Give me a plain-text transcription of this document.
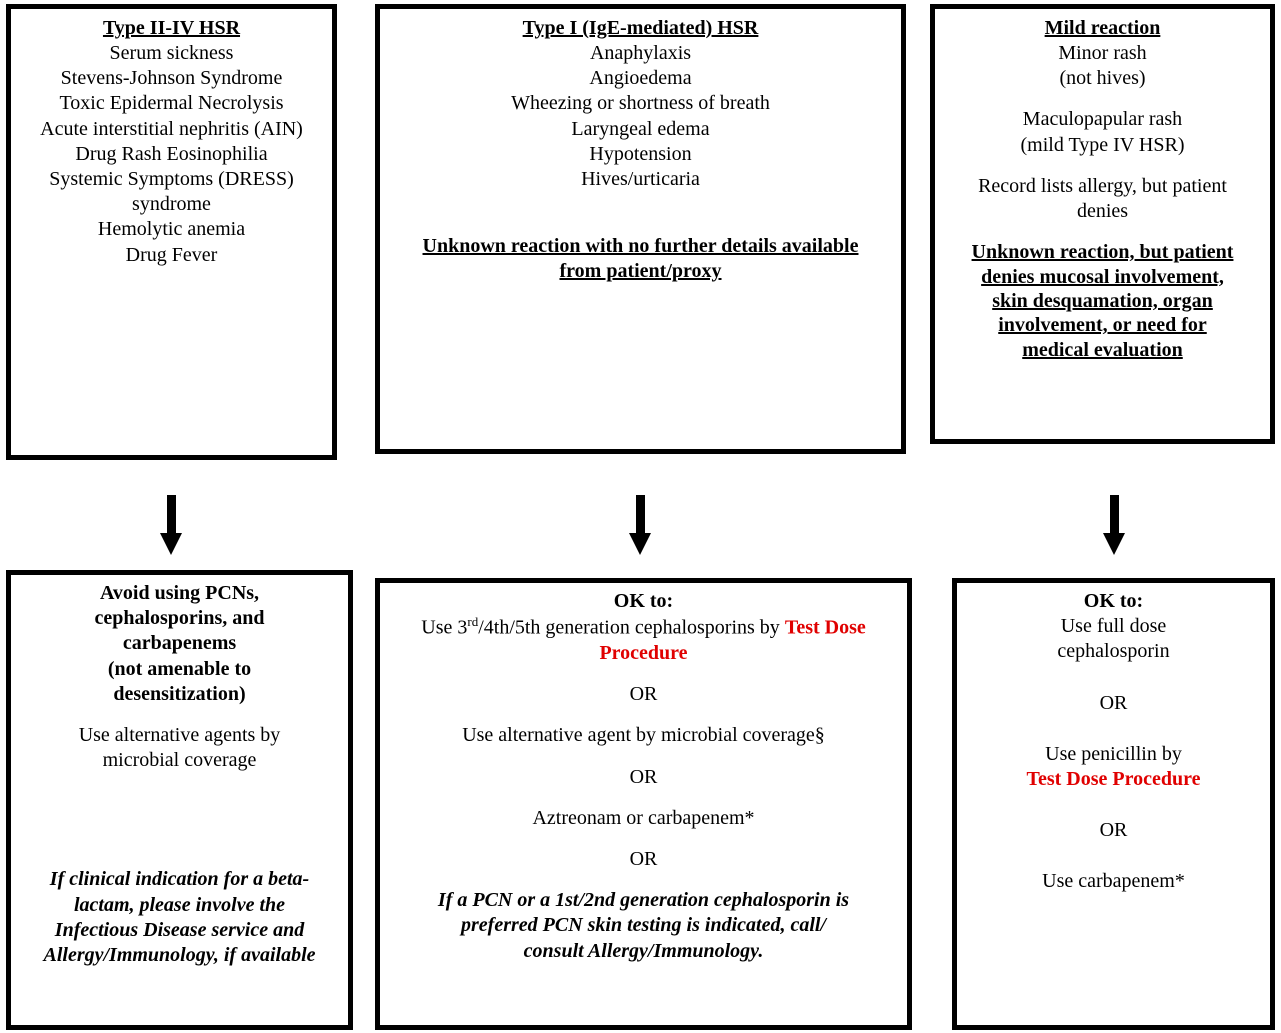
Type II-IV HSR
Serum sickness
Stevens-Johnson Syndrome
Toxic Epidermal Necrolysis
Acute interstitial nephritis (AIN)
Drug Rash Eosinophilia
Systemic Symptoms (DRESS)
syndrome
Hemolytic anemia
Drug Fever
Type I (IgE-mediated) HSR
Anaphylaxis
Angioedema
Wheezing or shortness of breath
Laryngeal edema
Hypotension
Hives/urticaria
Unknown reaction with no further details available
from patient/proxy
Mild reaction
Minor rash
(not hives)
Maculopapular rash
(mild Type IV HSR)
Record lists allergy, but patient
denies
Unknown reaction, but patient
denies mucosal involvement,
skin desquamation, organ
involvement, or need for
medical evaluation
Avoid using PCNs,
cephalosporins, and
carbapenems
(not amenable to
desensitization)
Use alternative agents by
microbial coverage
If clinical indication for a beta-
lactam, please involve the
Infectious Disease service and
Allergy/Immunology, if available
OK to:
Use 3rd/4th/5th generation cephalosporins by Test Dose Procedure
OR
Use alternative agent by microbial coverage§
OR
Aztreonam or carbapenem*
OR
If a PCN or a 1st/2nd generation cephalosporin is
preferred PCN skin testing is indicated, call/
consult Allergy/Immunology.
OK to:
Use full dose
cephalosporin
OR
Use penicillin by
Test Dose Procedure
OR
Use carbapenem*
